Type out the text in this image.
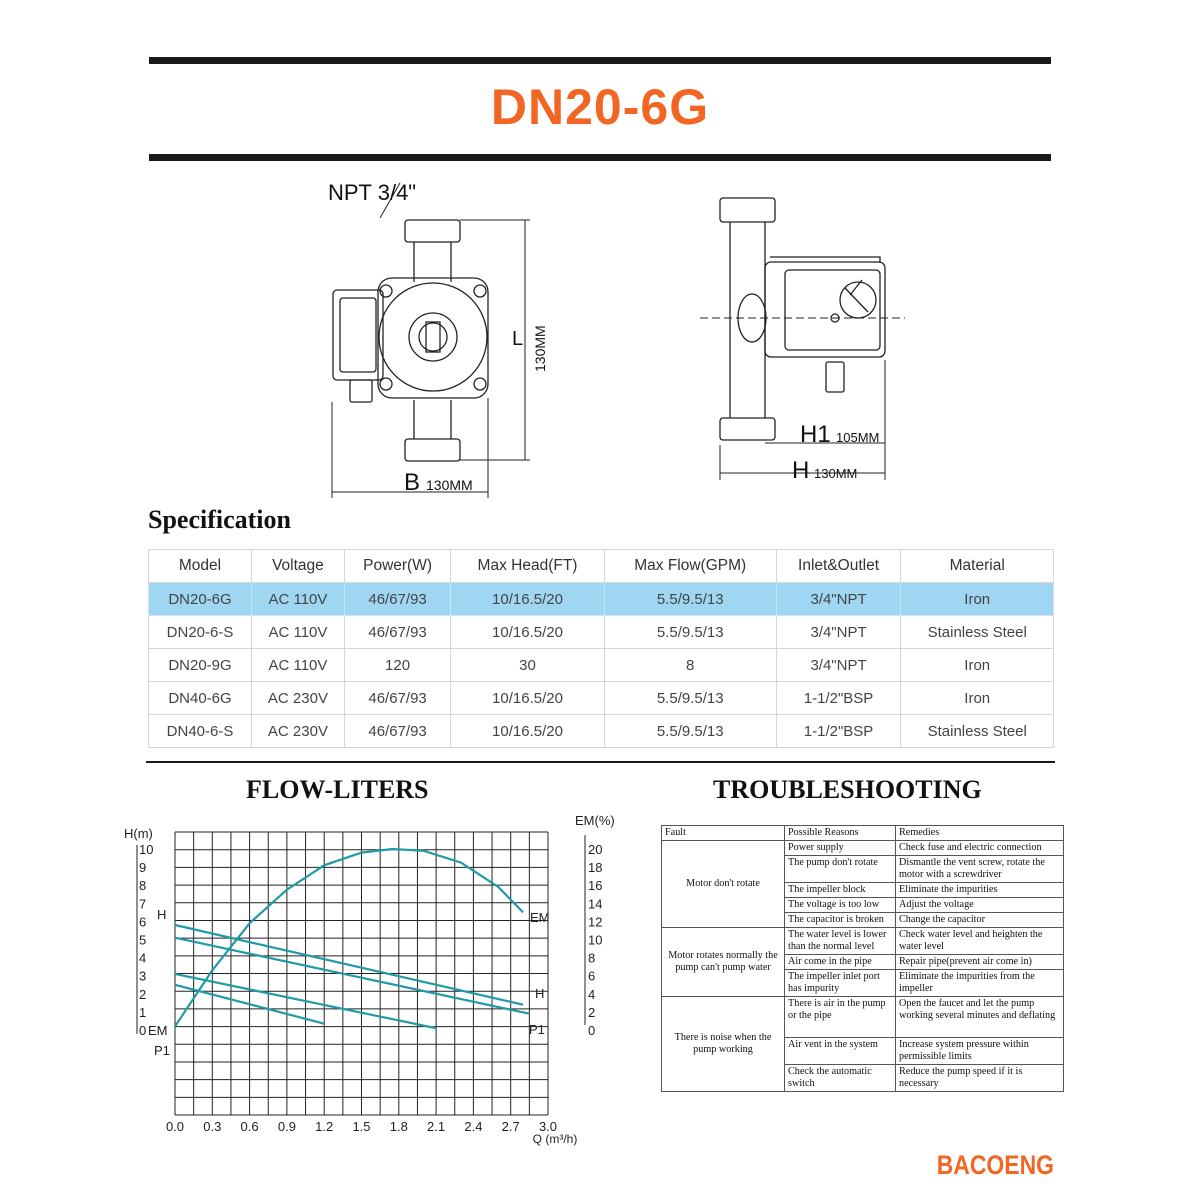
DN20-6G
NPT 3/4"
L 130MM
B 130MM
H1 105MM
H 130MM
Specification
Model	Voltage	Power(W)	Max Head(FT)	Max Flow(GPM)	Inlet&Outlet	Material
DN20-6G	AC 110V	46/67/93	10/16.5/20	5.5/9.5/13	3/4"NPT	Iron
DN20-6-S	AC 110V	46/67/93	10/16.5/20	5.5/9.5/13	3/4"NPT	Stainless Steel
DN20-9G	AC 110V	120	30	8	3/4"NPT	Iron
DN40-6G	AC 230V	46/67/93	10/16.5/20	5.5/9.5/13	1-1/2"BSP	Iron
DN40-6-S	AC 230V	46/67/93	10/16.5/20	5.5/9.5/13	1-1/2"BSP	Stainless Steel
FLOW-LITERS
0.0 0.3 0.6 0.9 1.2 1.5 1.8 2.1 2.4 2.7 3.0
Q (m³/h)
0
1
2
3
4
5
6
7
8
9
10
H(m)
0
2
4
6
8
10
12
14
16
18
20
EM(%)
H
EM
P1
EM
H
P1
TROUBLESHOOTING
Fault	Possible Reasons	Remedies
Motor don't rotate	Power supply	Check fuse and electric connection
	The pump don't rotate	Dismantle the vent screw, rotate the motor with a screwdriver
	The impeller block	Eliminate the impurities
	The voltage is too low	Adjust the voltage
	The capacitor is broken	Change the capacitor
Motor rotates normally the pump can't pump water	The water level is lower than the normal level	Check water level and heighten the water level
	Air come in the pipe	Repair pipe(prevent air come in)
	The impeller inlet port has impurity	Eliminate the impurities from the impeller
There is noise when the pump working	There is air in the pump or the pipe	Open the faucet and let the pump working several minutes and deflating
	Air vent in the system	Increase system pressure within permissible limits
	Check the automatic switch	Reduce the pump speed if it is necessary
BACOENG
